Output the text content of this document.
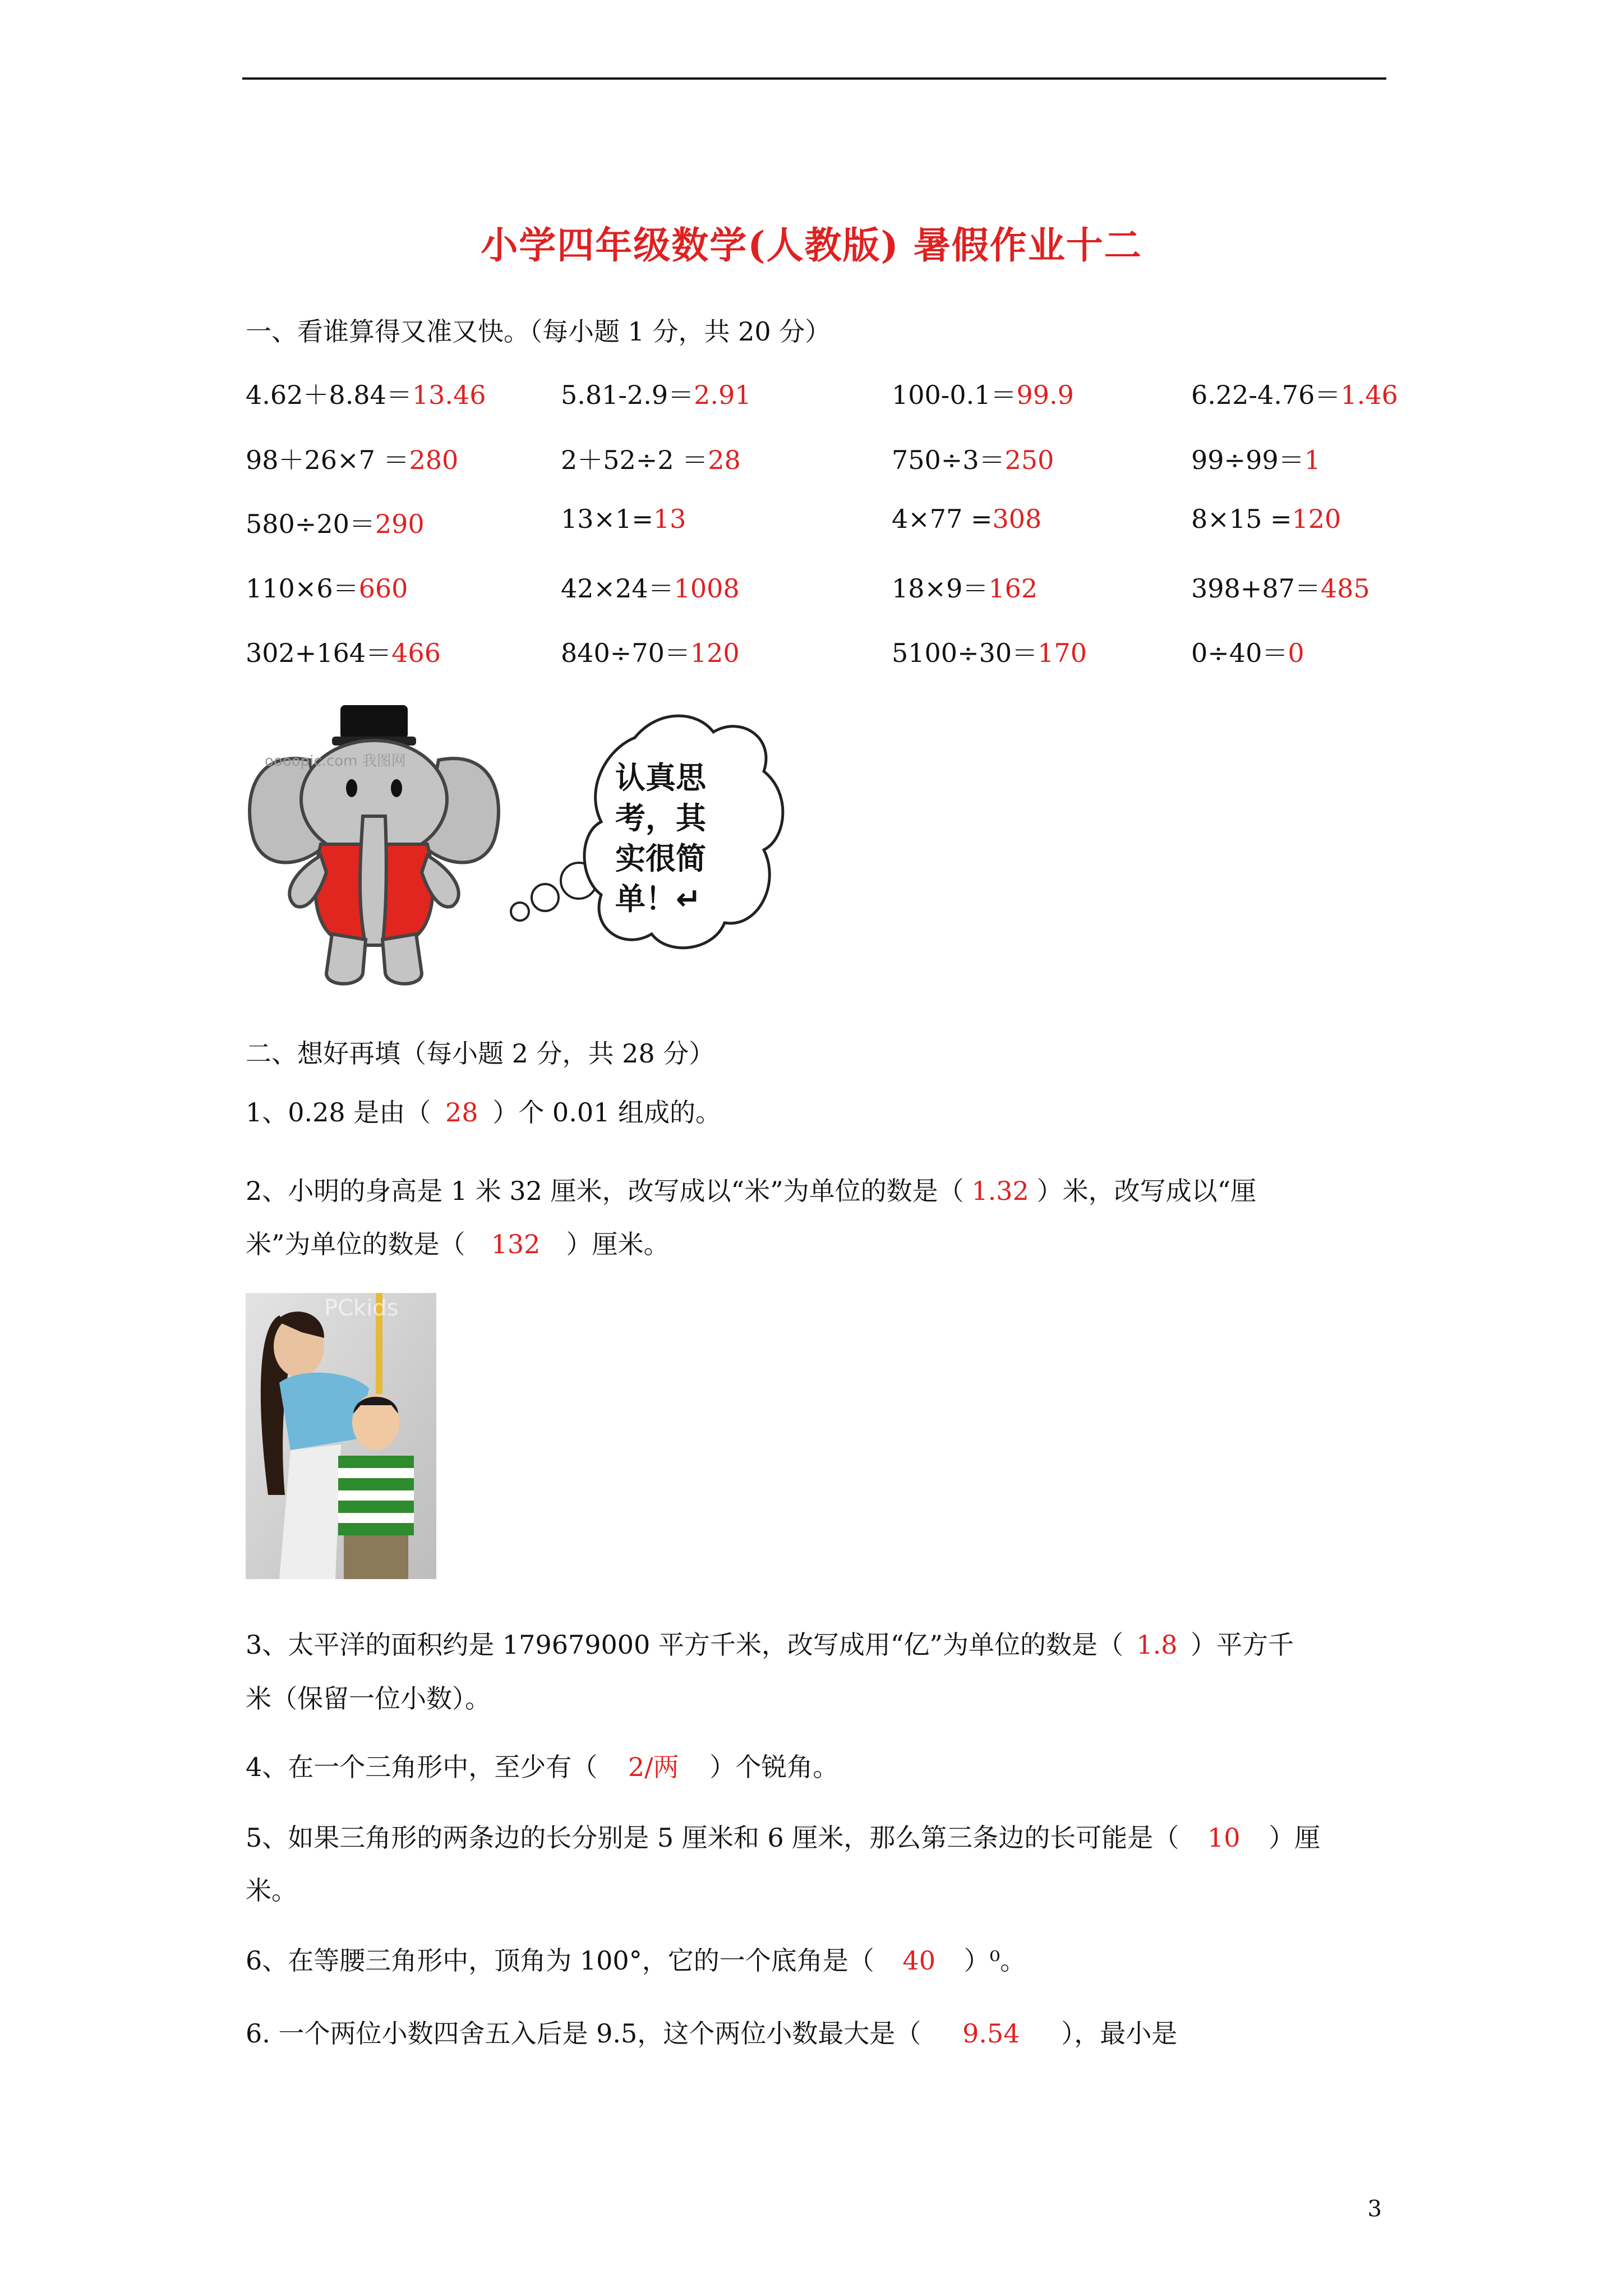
小学四年级数学(人教版) 暑假作业十二
一、看谁算得又准又快。（每小题 1 分，共 20 分）
4.62＋8.84＝13.46	5.81-2.9＝2.91	100-0.1＝99.9	6.22-4.76＝1.46
98＋26×7 ＝280	2＋52÷2 ＝28	750÷3＝250	99÷99＝1
580÷20＝290	13×1=13	4×77 =308	8×15 =120
110×6＝660	42×24＝1008	18×9＝162	398+87＝485
302+164＝466	840÷70＝120	5100÷30＝170	0÷40＝0
oooopic.com 我图网	认真思
考，其
实很简
单！↵
二、想好再填（每小题 2 分，共 28 分）
1、0.28 是由（ 28 ）个 0.01 组成的。
2、小明的身高是 1 米 32 厘米，改写成以“米”为单位的数是（ 1.32 ）米，改写成以“厘
米”为单位的数是（ 132 ）厘米。
PCkids
3、太平洋的面积约是 179679000 平方千米，改写成用“亿”为单位的数是（ 1.8 ）平方千
米（保留一位小数）。
4、在一个三角形中，至少有（ 2/两 ）个锐角。
5、如果三角形的两条边的长分别是 5 厘米和 6 厘米，那么第三条边的长可能是（ 10 ）厘
米。
6、在等腰三角形中，顶角为 100°，它的一个底角是（ 40 ）⁰。
6. 一个两位小数四舍五入后是 9.5，这个两位小数最大是（ 9.54 ），最小是
3
